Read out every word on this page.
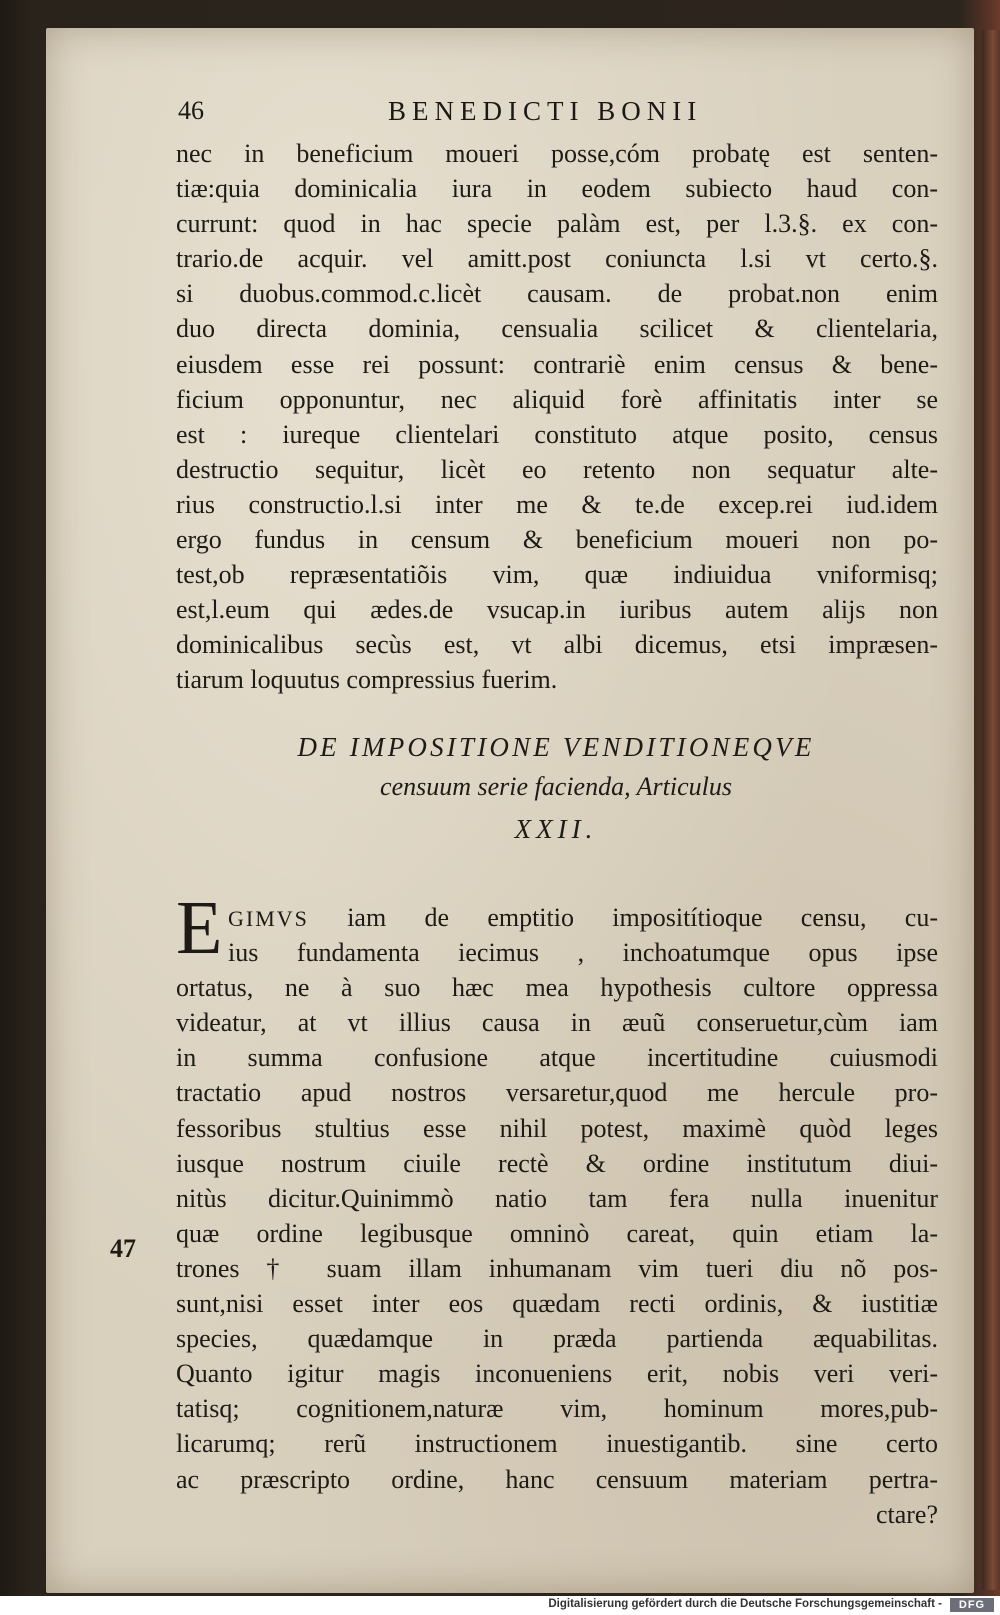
46	BENEDICTI BONII
nec in beneficium moueri posse,cóm probatę est senten-
tiæ:quia dominicalia iura in eodem subiecto haud con-
currunt: quod in hac specie palàm est, per l.3.§. ex con-
trario.de acquir. vel amitt.post coniuncta l.si vt certo.§.
si duobus.commod.c.licèt causam. de probat.non enim
duo directa dominia, censualia scilicet & clientelaria,
eiusdem esse rei possunt: contrariè enim census & bene-
ficium opponuntur, nec aliquid forè affinitatis inter se
est : iureque clientelari constituto atque posito, census
destructio sequitur, licèt eo retento non sequatur alte-
rius constructio.l.si inter me & te.de excep.rei iud.idem
ergo fundus in censum & beneficium moueri non po-
test,ob repræsentatiõis vim, quæ indiuidua vniformisq;
est,l.eum qui ædes.de vsucap.in iuribus autem alijs non
dominicalibus secùs est, vt albi dicemus, etsi impræsen-
tiarum loquutus compressius fuerim.
DE IMPOSITIONE VENDITIONEQVE
censuum serie facienda, Articulus
XXII.
E GIMVS iam de emptitio impositítioque censu, cu-
ius fundamenta iecimus , inchoatumque opus ipse
ortatus, ne à suo hæc mea hypothesis cultore oppressa
videatur, at vt illius causa in æuũ conseruetur,cùm iam
in summa confusione atque incertitudine cuiusmodi
tractatio apud nostros versaretur,quod me hercule pro-
fessoribus stultius esse nihil potest, maximè quòd leges
iusque nostrum ciuile rectè & ordine institutum diui-
nitùs dicitur.Quinimmò natio tam fera nulla inuenitur
quæ ordine legibusque omninò careat, quin etiam la-
trones † suam illam inhumanam vim tueri diu nõ pos-
sunt,nisi esset inter eos quædam recti ordinis, & iustitiæ
species, quædamque in præda partienda æquabilitas.
Quanto igitur magis inconueniens erit, nobis veri veri-
tatisq; cognitionem,naturæ vim, hominum mores,pub-
licarumq; rerũ instructionem inuestigantib. sine certo
ac præscripto ordine, hanc censuum materiam pertra-
ctare?
47
Digitalisierung gefördert durch die Deutsche Forschungsgemeinschaft -	DFG
